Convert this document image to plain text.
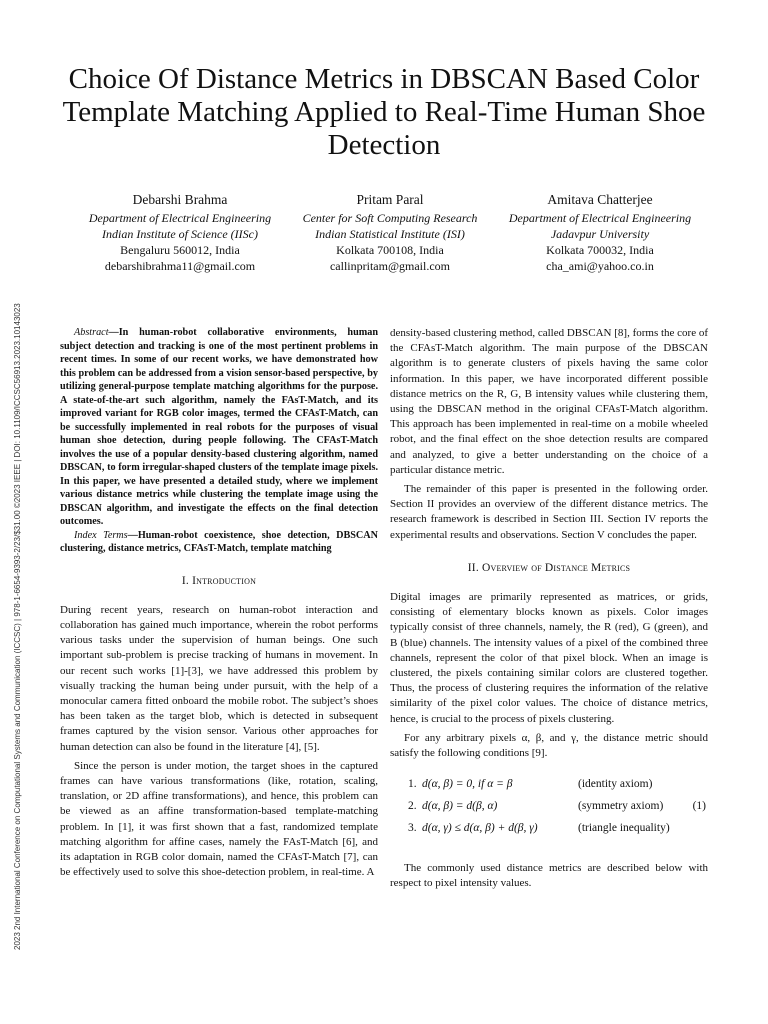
2023 2nd International Conference on Computational Systems and Communication (ICCSC) | 978-1-6654-9393-2/23/$31.00 ©2023 IEEE | DOI: 10.1109/ICCSC56913.2023.10143023
Choice Of Distance Metrics in DBSCAN Based Color Template Matching Applied to Real-Time Human Shoe Detection
Debarshi Brahma
Department of Electrical Engineering
Indian Institute of Science (IISc)
Bengaluru 560012, India
debarshibrahma11@gmail.com
Pritam Paral
Center for Soft Computing Research
Indian Statistical Institute (ISI)
Kolkata 700108, India
callinpritam@gmail.com
Amitava Chatterjee
Department of Electrical Engineering
Jadavpur University
Kolkata 700032, India
cha_ami@yahoo.co.in

Abstract—In human-robot collaborative environments, human subject detection and tracking is one of the most pertinent problems in recent times. In some of our recent works, we have demonstrated how this problem can be addressed from a vision sensor-based perspective, by utilizing general-purpose template matching algorithms for the purpose. A state-of-the-art such algorithm, namely the FAsT-Match, and its improved variant for RGB color images, termed the CFAsT-Match, can be successfully implemented in real robots for the purposes of visual human shoe detection, during people following. The CFAsT-Match involves the use of a popular density-based clustering algorithm, named DBSCAN, to form irregular-shaped clusters of the template image pixels. In this paper, we have presented a detailed study, where we implement various distance metrics while clustering the template image using the DBSCAN algorithm, and investigate the effects on the final detection outcomes.

Index Terms—Human-robot coexistence, shoe detection, DBSCAN clustering, distance metrics, CFAsT-Match, template matching

I. Introduction

During recent years, research on human-robot interaction and collaboration has gained much importance, wherein the robot performs various tasks under the supervision of human beings. One such important sub-problem is precise tracking of humans in movement. In our recent such works [1]-[3], we have addressed this problem by visually tracking the human being under pursuit, with the help of a monocular camera fitted onboard the mobile robot. The subject’s shoes has been taken as the target blob, which is detected in subsequent frames captured by the vision sensor. Various other approaches for human detection can also be found in the literature [4], [5].

Since the person is under motion, the target shoes in the captured frames can have various transformations (like, rotation, scaling, translation, or 2D affine transformations), and hence, this problem can be viewed as an affine transformation-based template-matching problem. In [1], it was first shown that a fast, randomized template matching algorithm for affine cases, namely the FAsT-Match [6], and its adaptation in RGB color domain, named the CFAsT-Match [7], can be effectively used to solve this shoe-detection problem, in real-time. A

density-based clustering method, called DBSCAN [8], forms the core of the CFAsT-Match algorithm. The main purpose of the DBSCAN algorithm is to generate clusters of pixels having the same color information. In this paper, we have incorporated different possible distance metrics on the R, G, B intensity values while clustering them, using the DBSCAN method in the original CFAsT-Match algorithm. This approach has been implemented in real-time on a mobile wheeled robot, and the final effect on the shoe detection results are compared and analyzed, to give a better understanding on the choice of a particular distance metric.

The remainder of this paper is presented in the following order. Section II provides an overview of the different distance metrics. The research framework is described in Section III. Section IV reports the experimental results and observations. Section V concludes the paper.

II. Overview of Distance Metrics

Digital images are primarily represented as matrices, or grids, consisting of elementary blocks known as pixels. Color images typically consist of three channels, namely, the R (red), G (green), and B (blue) channels. The intensity values of a pixel of the combined three channels, represent the color of that pixel block. When an image is clustered, the pixels containing similar colors are clustered together. Thus, the process of clustering requires the information of the relative similarity of the pixel color values. The choice of distance metrics, hence, is crucial to the process of pixels clustering.

For any arbitrary pixels α, β, and γ, the distance metric should satisfy the following conditions [9].

1. d(α, β) = 0, if α = β	(identity axiom)
2. d(α, β) = d(β, α)	(symmetry axiom)
3. d(α, γ) ≤ d(α, β) + d(β, γ)	(triangle inequality)
(1)

The commonly used distance metrics are described below with respect to pixel intensity values.
